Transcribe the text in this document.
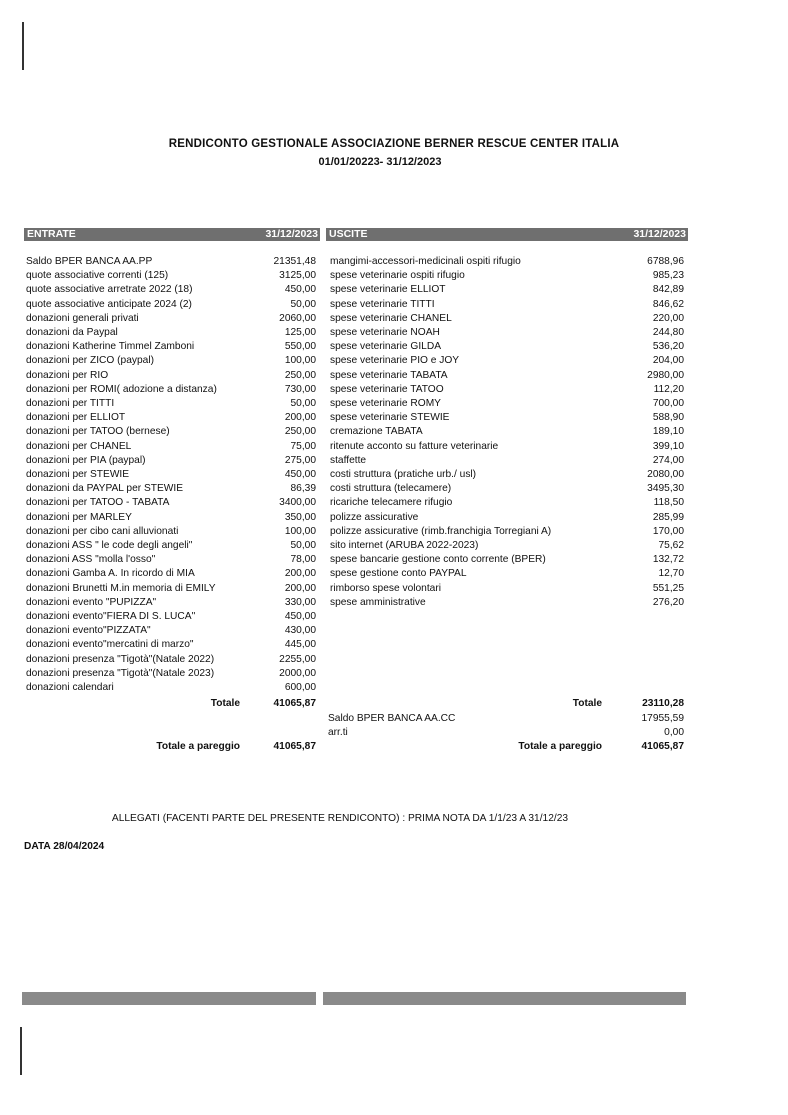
RENDICONTO GESTIONALE ASSOCIAZIONE BERNER RESCUE CENTER ITALIA
01/01/20223- 31/12/2023
ENTRATE	31/12/2023 USCITE	31/12/2023
Saldo BPER BANCA AA.PP	21351,48
quote associative correnti (125)	3125,00
quote associative arretrate 2022 (18)	450,00
quote associative anticipate 2024 (2)	50,00
donazioni generali privati	2060,00
donazioni da Paypal	125,00
donazioni Katherine Timmel Zamboni	550,00
donazioni per ZICO (paypal)	100,00
donazioni per RIO	250,00
donazioni per ROMI( adozione a distanza)	730,00
donazioni per TITTI	50,00
donazioni per ELLIOT	200,00
donazioni per TATOO (bernese)	250,00
donazioni per CHANEL	75,00
donazioni per PIA (paypal)	275,00
donazioni per STEWIE	450,00
donazioni da PAYPAL per STEWIE	86,39
donazioni per TATOO - TABATA	3400,00
donazioni per MARLEY	350,00
donazioni per cibo cani alluvionati	100,00
donazioni ASS " le code degli angeli"	50,00
donazioni ASS "molla l'osso"	78,00
donazioni Gamba A. In ricordo di MIA	200,00
donazioni Brunetti M.in memoria di EMILY	200,00
donazioni evento "PUPIZZA"	330,00
donazioni evento"FIERA DI S. LUCA"	450,00
donazioni evento"PIZZATA"	430,00
donazioni evento"mercatini di marzo"	445,00
donazioni presenza "Tigotà"(Natale 2022)	2255,00
donazioni presenza "Tigotà"(Natale 2023)	2000,00
donazioni calendari	600,00
mangimi-accessori-medicinali ospiti rifugio	6788,96
spese veterinarie ospiti rifugio	985,23
spese veterinarie ELLIOT	842,89
spese veterinarie TITTI	846,62
spese veterinarie CHANEL	220,00
spese veterinarie NOAH	244,80
spese veterinarie GILDA	536,20
spese veterinarie PIO e JOY	204,00
spese veterinarie TABATA	2980,00
spese veterinarie TATOO	112,20
spese veterinarie ROMY	700,00
spese veterinarie STEWIE	588,90
cremazione TABATA	189,10
ritenute acconto su fatture veterinarie	399,10
staffette	274,00
costi struttura (pratiche urb./ usl)	2080,00
costi struttura (telecamere)	3495,30
ricariche telecamere rifugio	118,50
polizze assicurative	285,99
polizze assicurative (rimb.franchigia Torregiani A)	170,00
sito internet (ARUBA 2022-2023)	75,62
spese bancarie gestione conto corrente (BPER)	132,72
spese gestione conto PAYPAL	12,70
rimborso spese volontari	551,25
spese amministrative	276,20
Totale	41065,87
Totale a pareggio	41065,87
Totale	23110,28
Saldo BPER BANCA AA.CC	17955,59
arr.ti	0,00
Totale a pareggio	41065,87
ALLEGATI (FACENTI PARTE DEL PRESENTE RENDICONTO) : PRIMA NOTA DA 1/1/23 A 31/12/23
DATA 28/04/2024
